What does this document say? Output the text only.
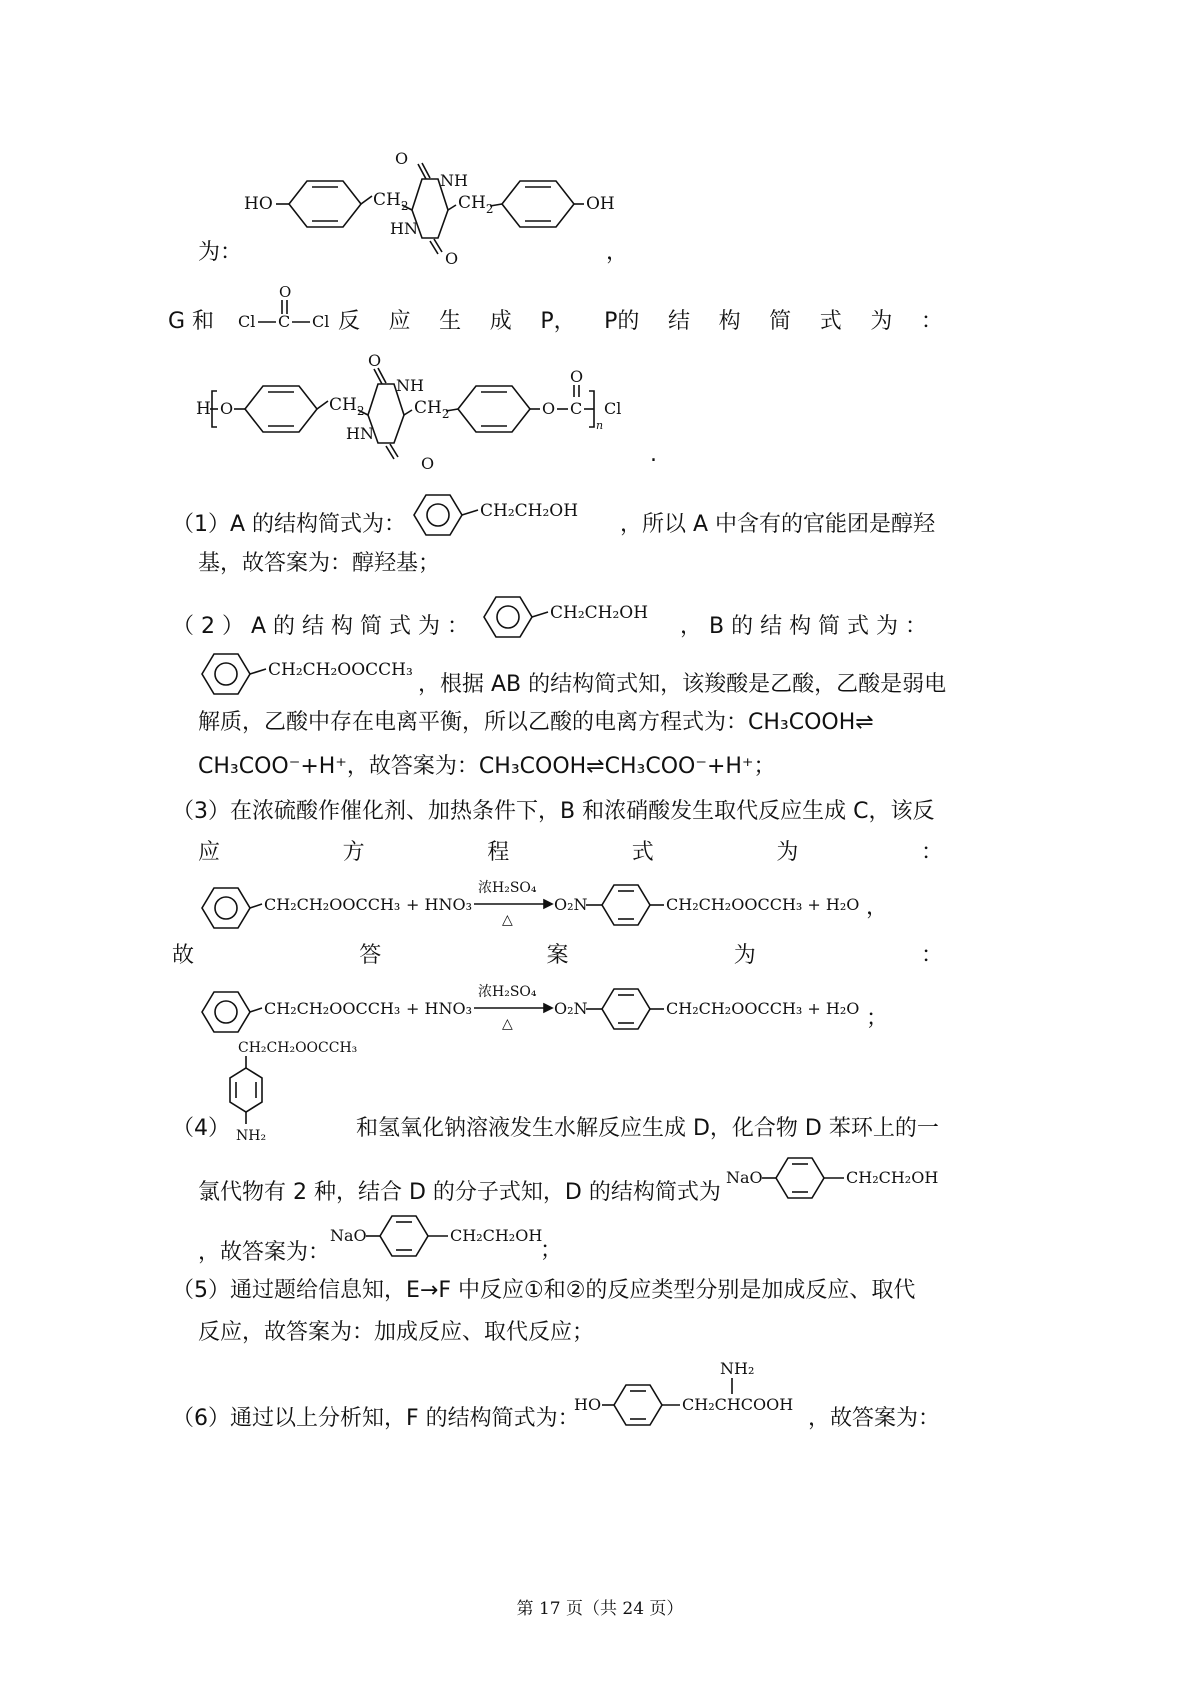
HO	$CH_2$
O
NH
HN
O
$CH_2$	OH
为：	，
G 和
O
Cl C Cl 反 应 生 成 P， P的 结 构 简 式 为 ：
H O	$CH_2$
O
NH
HN
O
$CH_2$	O C
O
n
Cl
.
（1）A 的结构简式为：
CH₂CH₂OH
，所以 A 中含有的官能团是醇羟
基，故答案为：醇羟基；
（ 2 ） A 的 结 构 简 式 为 ：
CH₂CH₂OH
， B 的 结 构 简 式 为 ：
CH₂CH₂OOCCH₃
，根据 AB 的结构简式知，该羧酸是乙酸，乙酸是弱电
解质，乙酸中存在电离平衡，所以乙酸的电离方程式为：CH₃COOH⇌
CH₃COO⁻+H⁺，故答案为：CH₃COOH⇌CH₃COO⁻+H⁺；
（3）在浓硫酸作催化剂、加热条件下，B 和浓硝酸发生取代反应生成 C，该反
应	方	程	式	为	：
CH₂CH₂OOCCH₃ + HNO₃
浓H₂SO₄
△
O₂N	CH₂CH₂OOCCH₃ + H₂O ，
故	答	案	为	：
CH₂CH₂OOCCH₃ + HNO₃
浓H₂SO₄
△
O₂N	CH₂CH₂OOCCH₃ + H₂O ；
CH₂CH₂OOCCH₃
NH₂
（4）	和氢氧化钠溶液发生水解反应生成 D，化合物 D 苯环上的一
氯代物有 2 种，结合 D 的分子式知，D 的结构简式为
NaO	CH₂CH₂OH
，故答案为：
NaO	CH₂CH₂OH
；
（5）通过题给信息知，E→F 中反应①和②的反应类型分别是加成反应、取代
反应，故答案为：加成反应、取代反应；
（6）通过以上分析知，F 的结构简式为：
HO
NH₂
CH₂CHCOOH
，故答案为：
第 17 页（共 24 页）
